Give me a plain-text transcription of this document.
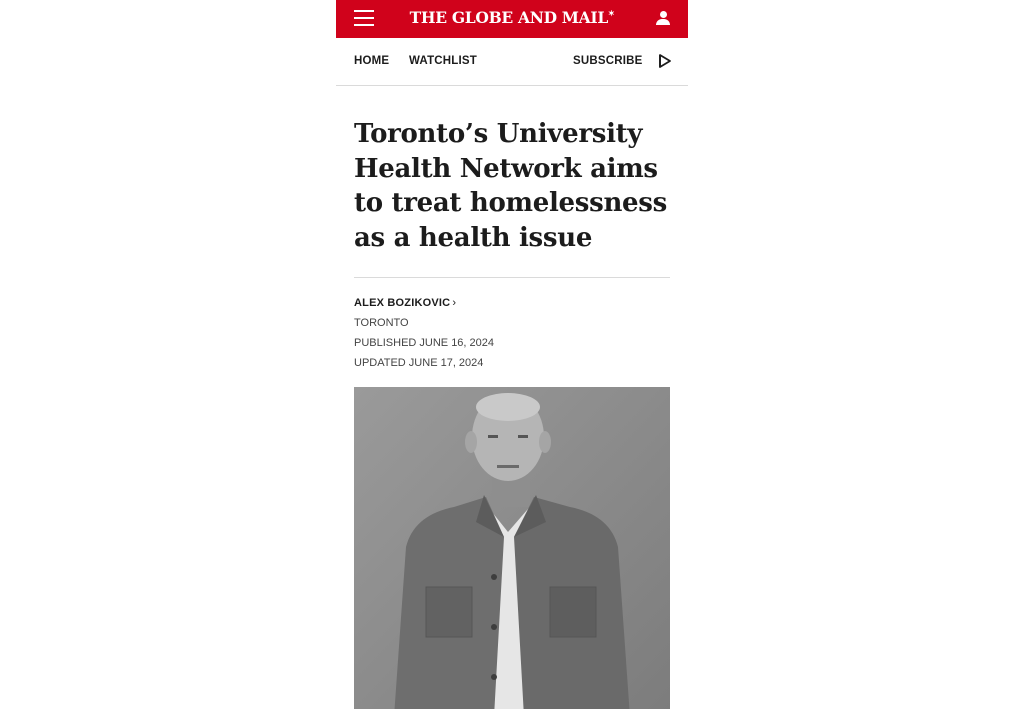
THE GLOBE AND MAIL✶
HOME WATCHLIST	SUBSCRIBE
Toronto’s University Health Network aims to treat homelessness as a health issue
ALEX BOZIKOVIC ›
TORONTO
PUBLISHED JUNE 16, 2024
UPDATED JUNE 17, 2024
